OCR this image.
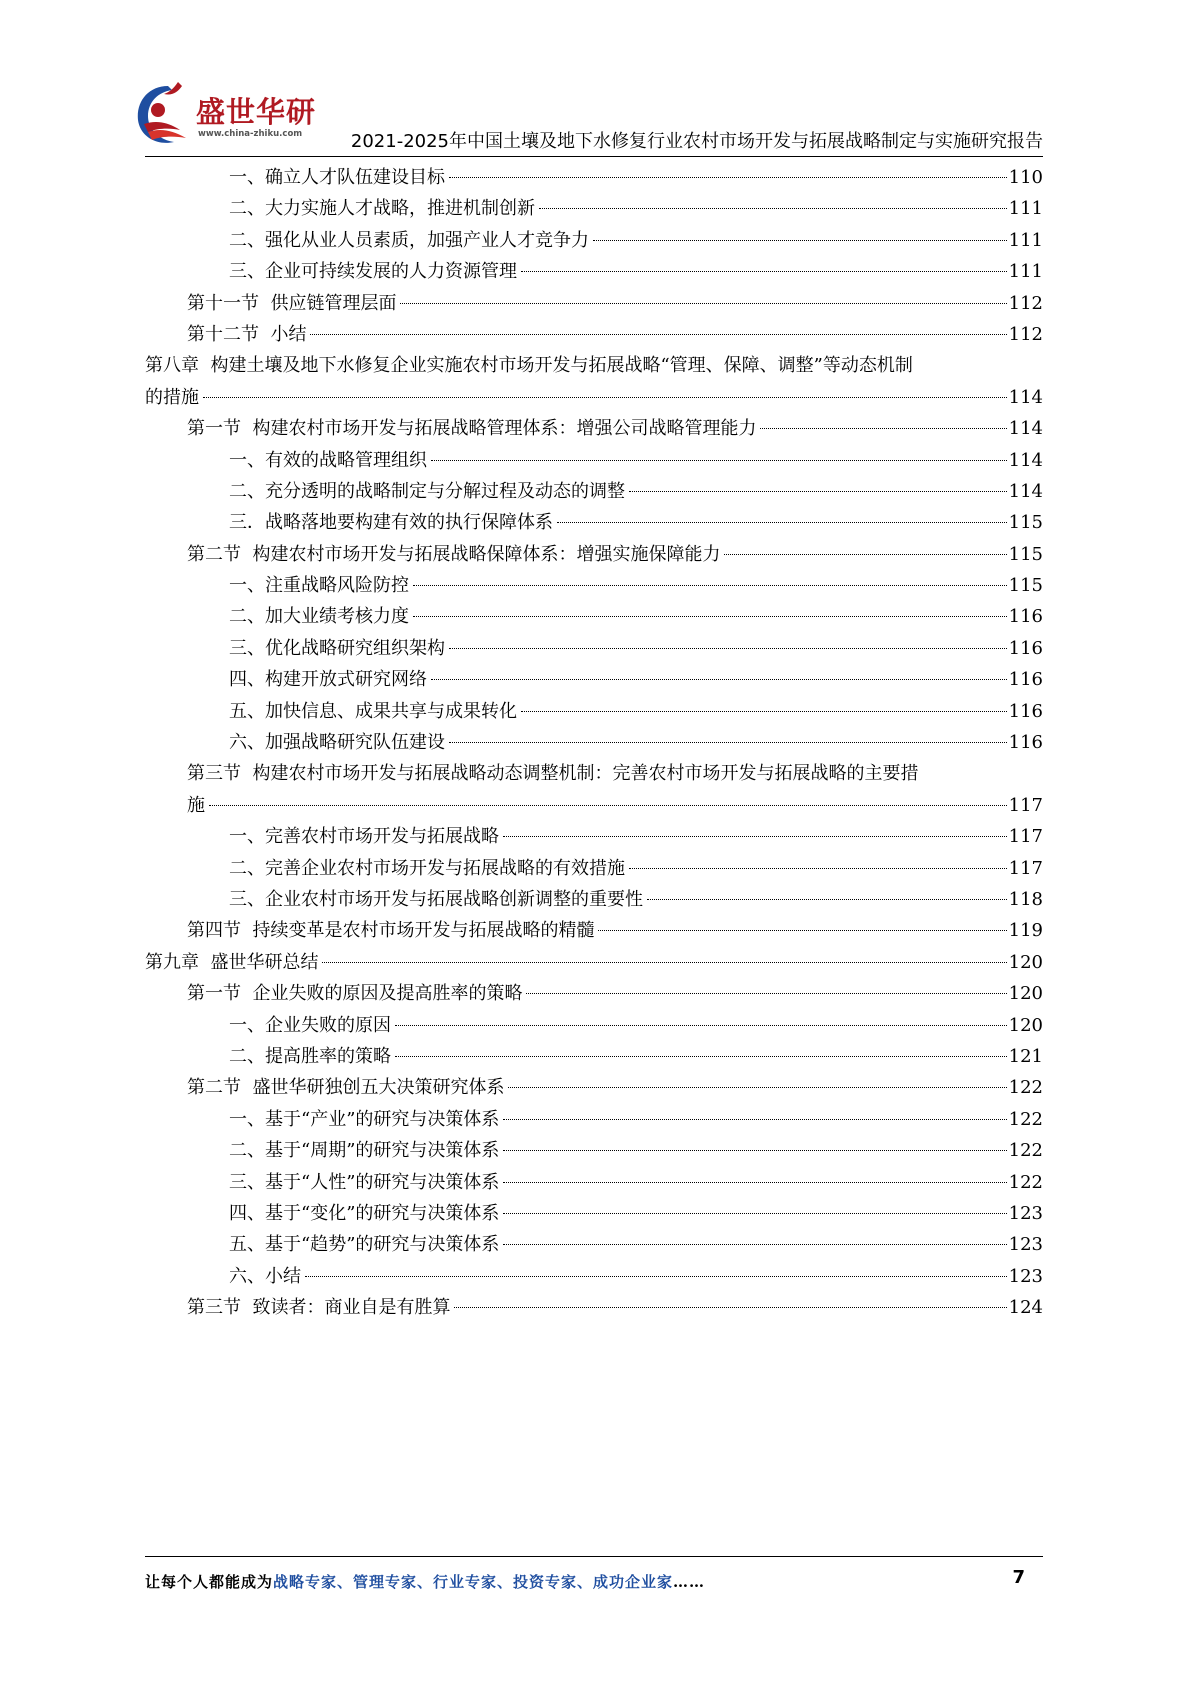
盛世华研
www.china-zhiku.com	2021-2025年中国土壤及地下水修复行业农村市场开发与拓展战略制定与实施研究报告
一、确立人才队伍建设目标	110
二、大力实施人才战略，推进机制创新	111
二、强化从业人员素质，加强产业人才竞争力	111
三、企业可持续发展的人力资源管理	111
第十一节  供应链管理层面	112
第十二节  小结	112
第八章  构建土壤及地下水修复企业实施农村市场开发与拓展战略“管理、保障、调整”等动态机制
的措施	114
第一节  构建农村市场开发与拓展战略管理体系：增强公司战略管理能力	114
一、有效的战略管理组织	114
二、充分透明的战略制定与分解过程及动态的调整	114
三．战略落地要构建有效的执行保障体系	115
第二节  构建农村市场开发与拓展战略保障体系：增强实施保障能力	115
一、注重战略风险防控	115
二、加大业绩考核力度	116
三、优化战略研究组织架构	116
四、构建开放式研究网络	116
五、加快信息、成果共享与成果转化	116
六、加强战略研究队伍建设	116
第三节  构建农村市场开发与拓展战略动态调整机制：完善农村市场开发与拓展战略的主要措
施	117
一、完善农村市场开发与拓展战略	117
二、完善企业农村市场开发与拓展战略的有效措施	117
三、企业农村市场开发与拓展战略创新调整的重要性	118
第四节  持续变革是农村市场开发与拓展战略的精髓	119
第九章  盛世华研总结	120
第一节  企业失败的原因及提高胜率的策略	120
一、企业失败的原因	120
二、提高胜率的策略	121
第二节  盛世华研独创五大决策研究体系	122
一、基于“产业”的研究与决策体系	122
二、基于“周期”的研究与决策体系	122
三、基于“人性”的研究与决策体系	122
四、基于“变化”的研究与决策体系	123
五、基于“趋势”的研究与决策体系	123
六、小结	123
第三节  致读者：商业自是有胜算	124
让每个人都能成为战略专家、管理专家、行业专家、投资专家、成功企业家……	7
